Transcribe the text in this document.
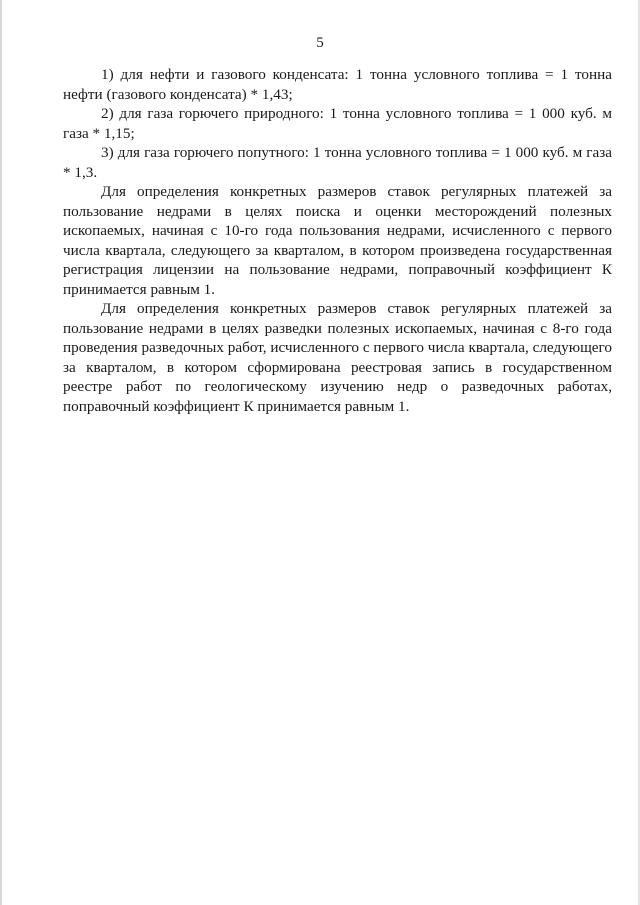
5

1) для нефти и газового конденсата: 1 тонна условного топлива = 1 тонна нефти (газового конденсата) * 1,43;

2) для газа горючего природного: 1 тонна условного топлива = 1 000 куб. м газа * 1,15;

3) для газа горючего попутного: 1 тонна условного топлива = 1 000 куб. м газа * 1,3.

Для определения конкретных размеров ставок регулярных платежей за пользование недрами в целях поиска и оценки месторождений полезных ископаемых, начиная с 10-го года пользования недрами, исчисленного с первого числа квартала, следующего за кварталом, в котором произведена государственная регистрация лицензии на пользование недрами, поправочный коэффициент К принимается равным 1.

Для определения конкретных размеров ставок регулярных платежей за пользование недрами в целях разведки полезных ископаемых, начиная с 8-го года проведения разведочных работ, исчисленного с первого числа квартала, следующего за кварталом, в котором сформирована реестровая запись в государственном реестре работ по геологическому изучению недр о разведочных работах, поправочный коэффициент К принимается равным 1.
